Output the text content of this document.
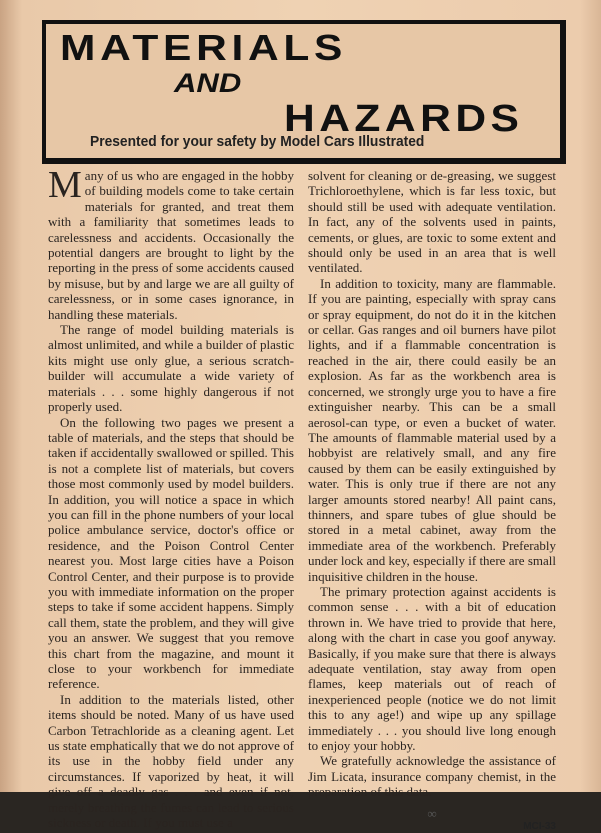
MATERIALS
AND
HAZARDS
Presented for your safety by Model Cars Illustrated

Many of us who are engaged in the hobby of building models come to take certain materials for granted, and treat them with a familiarity that sometimes leads to carelessness and accidents. Occasionally the potential dangers are brought to light by the reporting in the press of some accidents caused by misuse, but by and large we are all guilty of carelessness, or in some cases ignorance, in handling these materials.

The range of model building materials is almost unlimited, and while a builder of plastic kits might use only glue, a serious scratch-builder will accumulate a wide variety of materials . . . some highly dangerous if not properly used.

On the following two pages we present a table of materials, and the steps that should be taken if accidentally swallowed or spilled. This is not a complete list of materials, but covers those most commonly used by model builders. In addition, you will notice a space in which you can fill in the phone numbers of your local police ambulance service, doctor's office or residence, and the Poison Control Center nearest you. Most large cities have a Poison Control Center, and their purpose is to provide you with immediate information on the proper steps to take if some accident happens. Simply call them, state the problem, and they will give you an answer. We suggest that you remove this chart from the magazine, and mount it close to your workbench for immediate reference.

In addition to the materials listed, other items should be noted. Many of us have used Carbon Tetrachloride as a cleaning agent. Let us state emphatically that we do not approve of its use in the hobby field under any circumstances. If vaporized by heat, it will give off a deadly gas . . . and even if not, merely breathing the fumes can lead to serious sickness or death. If you must use a

solvent for cleaning or de-greasing, we suggest Trichloroethylene, which is far less toxic, but should still be used with adequate ventilation. In fact, any of the solvents used in paints, cements, or glues, are toxic to some extent and should only be used in an area that is well ventilated.

In addition to toxicity, many are flammable. If you are painting, especially with spray cans or spray equipment, do not do it in the kitchen or cellar. Gas ranges and oil burners have pilot lights, and if a flammable concentration is reached in the air, there could easily be an explosion. As far as the workbench area is concerned, we strongly urge you to have a fire extinguisher nearby. This can be a small aerosol-can type, or even a bucket of water. The amounts of flammable material used by a hobbyist are relatively small, and any fire caused by them can be easily extinguished by water. This is only true if there are not any larger amounts stored nearby! All paint cans, thinners, and spare tubes of glue should be stored in a metal cabinet, away from the immediate area of the workbench. Preferably under lock and key, especially if there are small inquisitive children in the house.

The primary protection against accidents is common sense . . . with a bit of education thrown in. We have tried to provide that here, along with the chart in case you goof anyway. Basically, if you make sure that there is always adequate ventilation, stay away from open flames, keep materials out of reach of inexperienced people (notice we do not limit this to any age!) and wipe up any spillage immediately . . . you should live long enough to enjoy your hobby.

We gratefully acknowledge the assistance of Jim Licata, insurance company chemist, in the preparation of this data.

∞
MCI-33
